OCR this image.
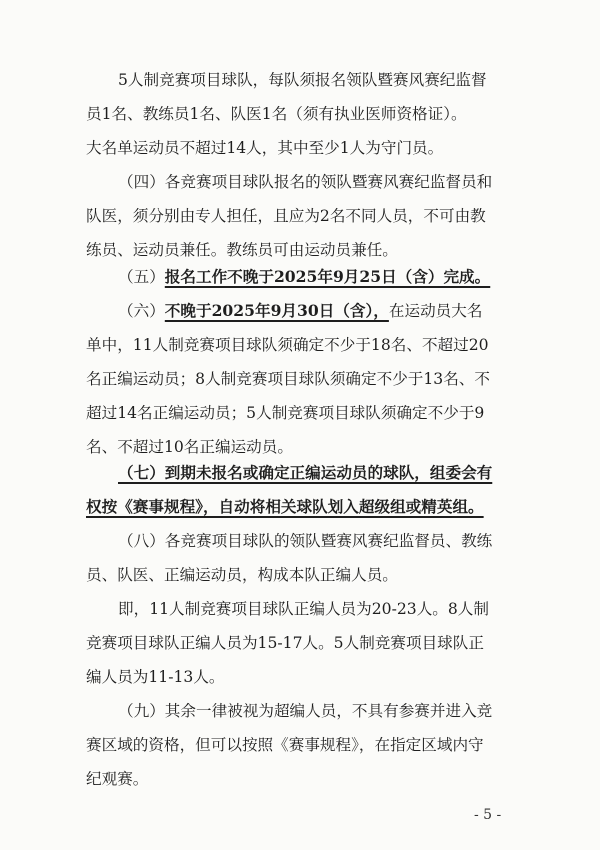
5人制竞赛项目球队，每队须报名领队暨赛风赛纪监督
员1名、教练员1名、队医1名（须有执业医师资格证）。
大名单运动员不超过14人，其中至少1人为守门员。
（四）各竞赛项目球队报名的领队暨赛风赛纪监督员和
队医，须分别由专人担任，且应为2名不同人员，不可由教
练员、运动员兼任。教练员可由运动员兼任。
（五）报名工作不晚于2025年9月25日（含）完成。
（六）不晚于2025年9月30日（含），在运动员大名
单中，11人制竞赛项目球队须确定不少于18名、不超过20
名正编运动员；8人制竞赛项目球队须确定不少于13名、不
超过14名正编运动员；5人制竞赛项目球队须确定不少于9
名、不超过10名正编运动员。
（七）到期未报名或确定正编运动员的球队，组委会有
权按《赛事规程》，自动将相关球队划入超级组或精英组。
（八）各竞赛项目球队的领队暨赛风赛纪监督员、教练
员、队医、正编运动员，构成本队正编人员。
即，11人制竞赛项目球队正编人员为20-23人。8人制
竞赛项目球队正编人员为15-17人。5人制竞赛项目球队正
编人员为11-13人。
（九）其余一律被视为超编人员，不具有参赛并进入竞
赛区域的资格，但可以按照《赛事规程》，在指定区域内守
纪观赛。
- 5 -
